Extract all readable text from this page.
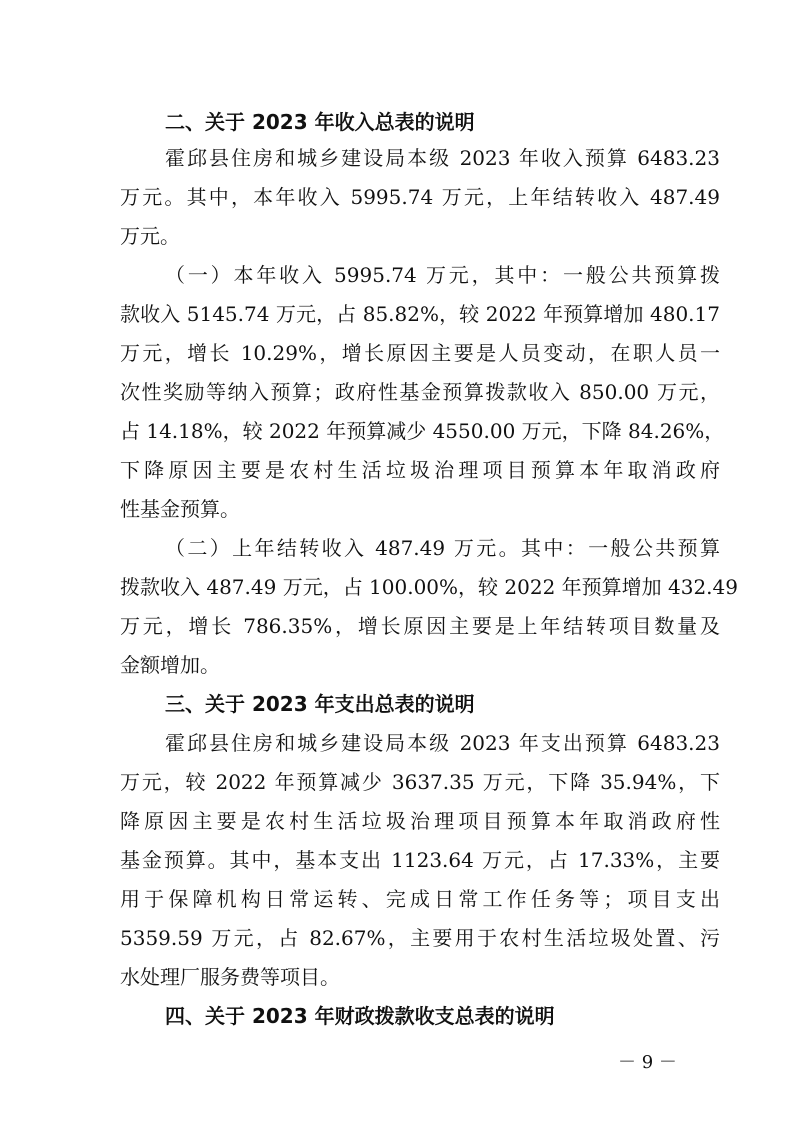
二、关于 2023 年收入总表的说明

霍邱县住房和城乡建设局本级 2023 年收入预算 6483.23

万元。其中，本年收入 5995.74 万元，上年结转收入 487.49

万元。

（一）本年收入 5995.74 万元，其中：一般公共预算拨

款收入 5145.74 万元，占 85.82%，较 2022 年预算增加 480.17

万元，增长 10.29%，增长原因主要是人员变动，在职人员一

次性奖励等纳入预算；政府性基金预算拨款收入 850.00 万元，

占 14.18%，较 2022 年预算减少 4550.00 万元，下降 84.26%，

下降原因主要是农村生活垃圾治理项目预算本年取消政府

性基金预算。

（二）上年结转收入 487.49 万元。其中：一般公共预算

拨款收入 487.49 万元，占 100.00%，较 2022 年预算增加 432.49

万元，增长 786.35%，增长原因主要是上年结转项目数量及

金额增加。

三、关于 2023 年支出总表的说明

霍邱县住房和城乡建设局本级 2023 年支出预算 6483.23

万元，较 2022 年预算减少 3637.35 万元，下降 35.94%，下

降原因主要是农村生活垃圾治理项目预算本年取消政府性

基金预算。其中，基本支出 1123.64 万元，占 17.33%，主要

用于保障机构日常运转、完成日常工作任务等；项目支出

5359.59 万元，占 82.67%，主要用于农村生活垃圾处置、污

水处理厂服务费等项目。

四、关于 2023 年财政拨款收支总表的说明

－ 9 －
